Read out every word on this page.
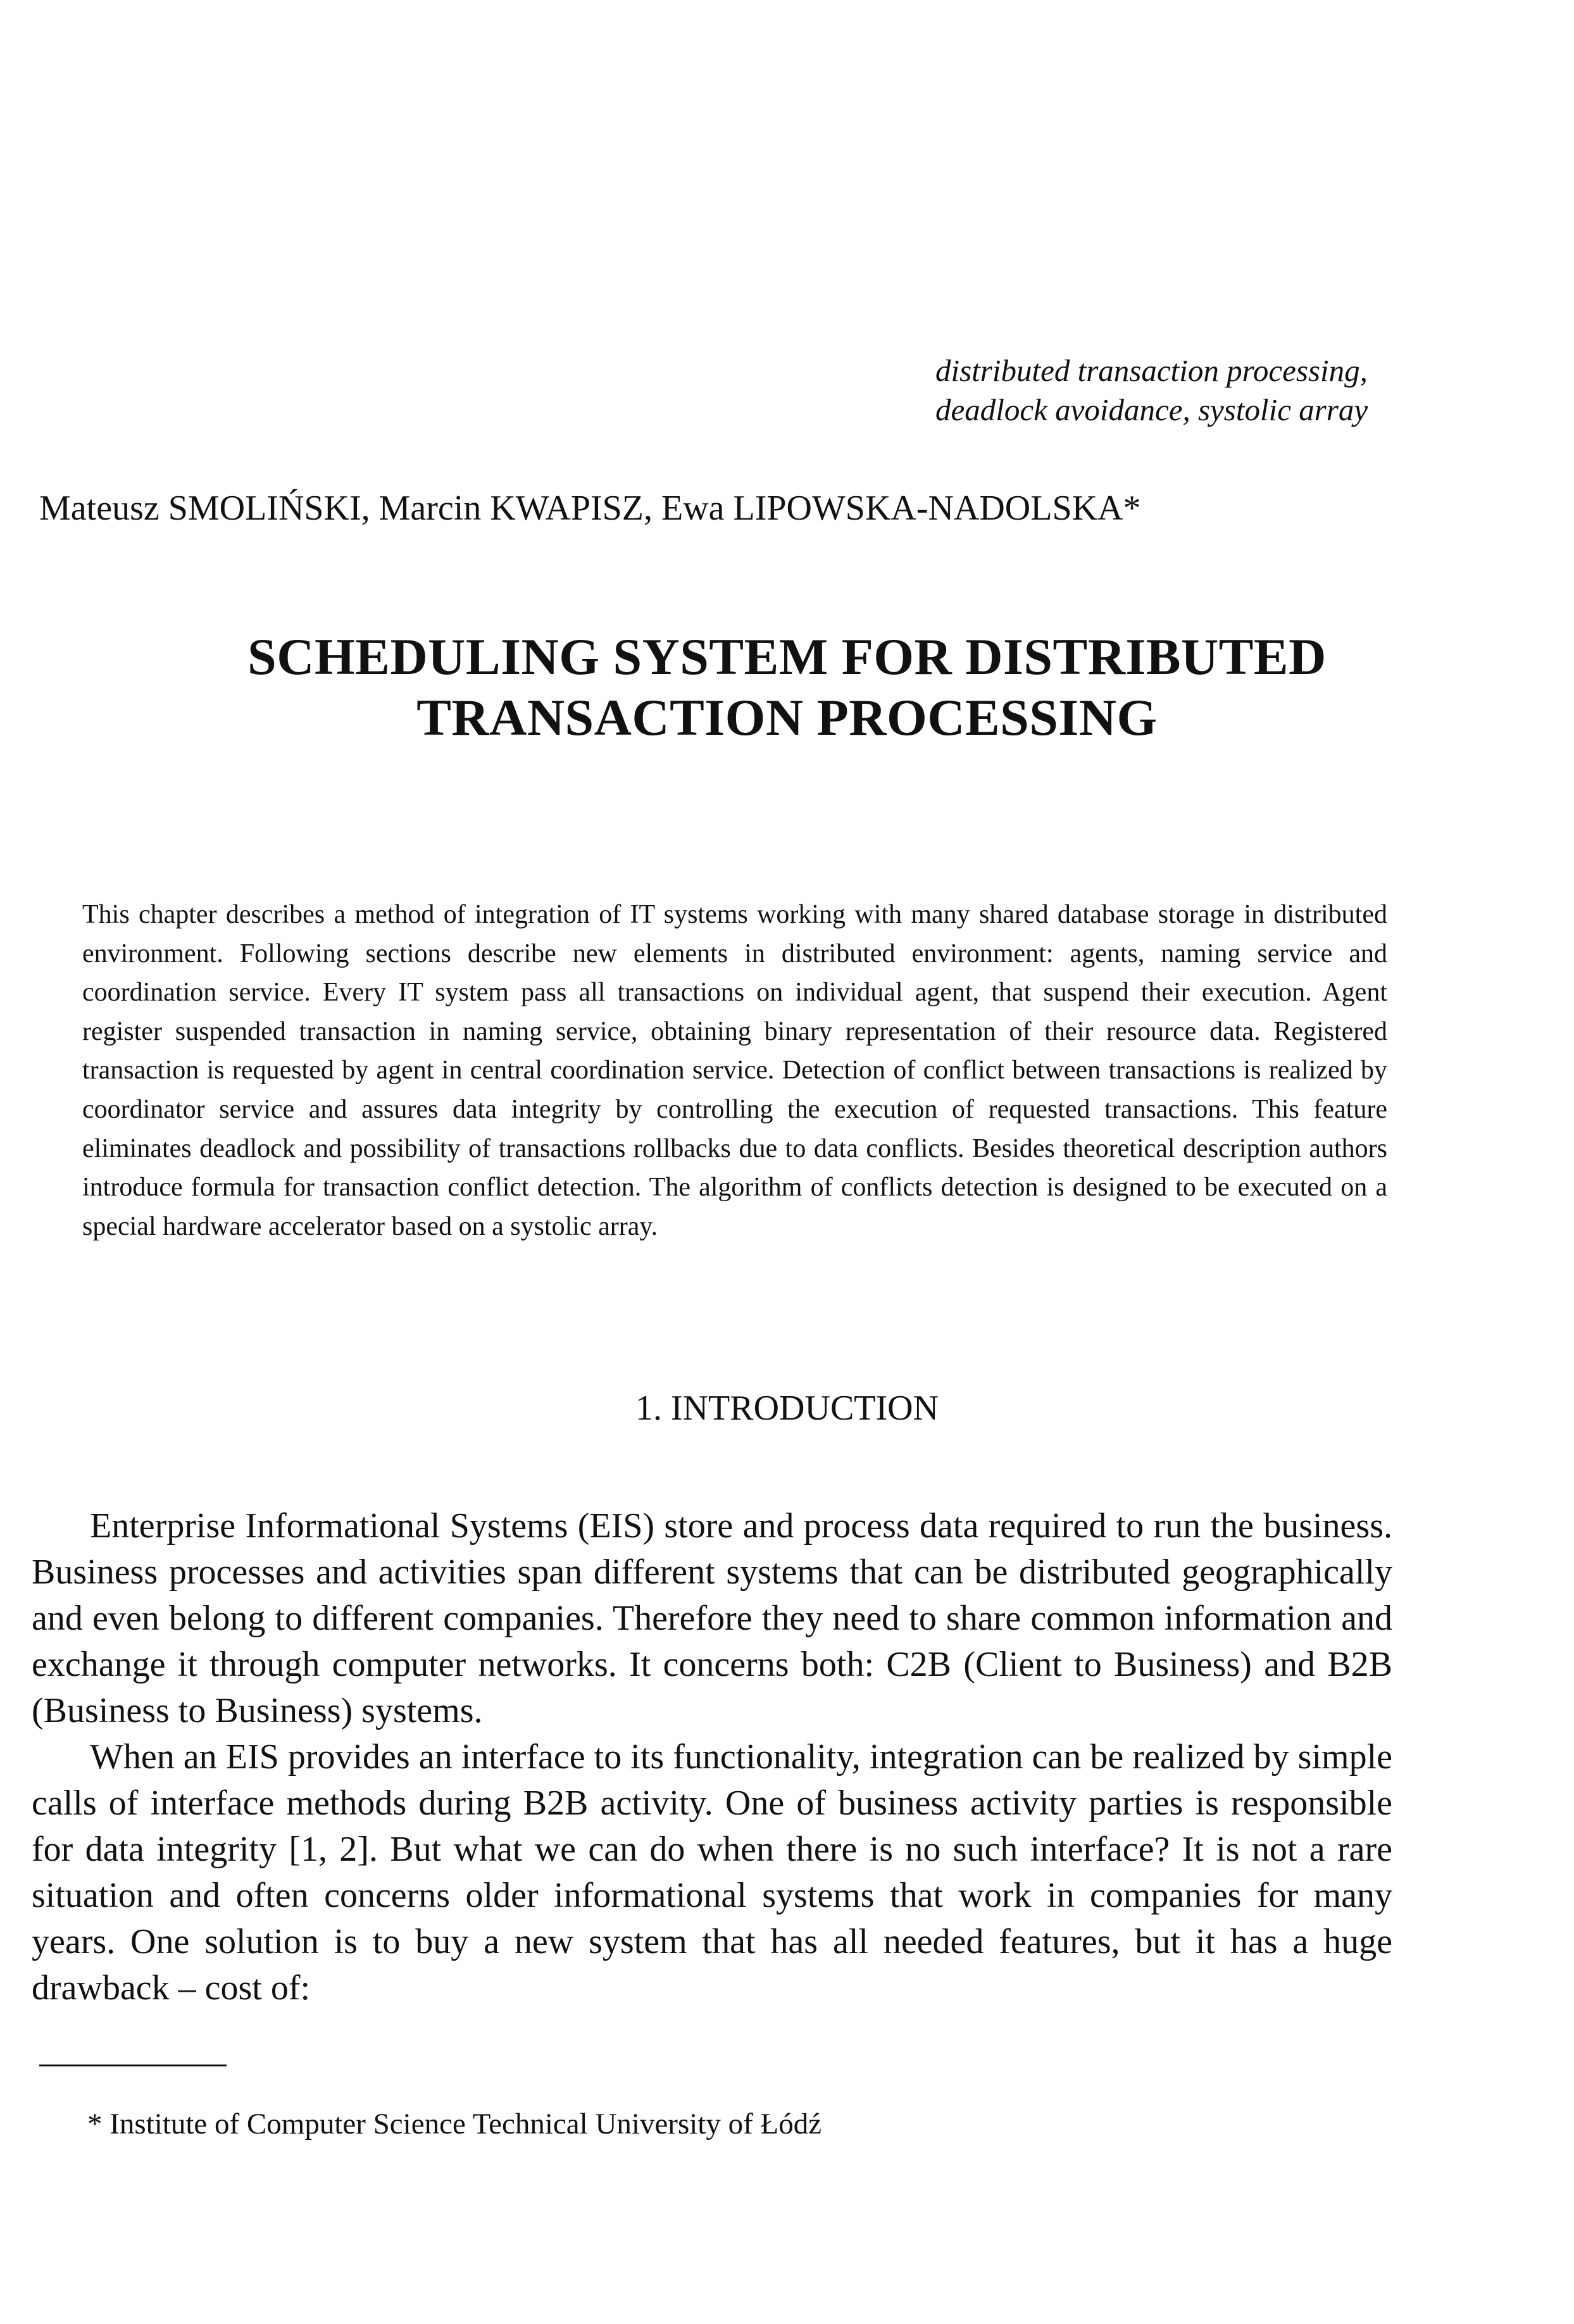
distributed transaction processing,
deadlock avoidance, systolic array
Mateusz SMOLIŃSKI, Marcin KWAPISZ, Ewa LIPOWSKA-NADOLSKA*
SCHEDULING SYSTEM FOR DISTRIBUTED
TRANSACTION PROCESSING

This chapter describes a method of integration of IT systems working with many shared database storage in distributed environment. Following sections describe new elements in distributed environment: agents, naming service and coordination service. Every IT system pass all transactions on individual agent, that suspend their execution. Agent register suspended transaction in naming service, obtaining binary representation of their resource data. Registered transaction is requested by agent in central coordination service. Detection of conflict between transactions is realized by coordinator service and assures data integrity by controlling the execution of requested transactions. This feature eliminates deadlock and possibility of transactions rollbacks due to data conflicts. Besides theoretical description authors introduce formula for transaction conflict detection. The algorithm of conflicts detection is designed to be executed on a special hardware accelerator based on a systolic array.

1. INTRODUCTION

Enterprise Informational Systems (EIS) store and process data required to run the business. Business processes and activities span different systems that can be distributed geographically and even belong to different companies. Therefore they need to share common information and exchange it through computer networks. It concerns both: C2B (Client to Business) and B2B (Business to Business) systems.

When an EIS provides an interface to its functionality, integration can be realized by simple calls of interface methods during B2B activity. One of business activity parties is responsible for data integrity [1, 2]. But what we can do when there is no such interface? It is not a rare situation and often concerns older informational systems that work in companies for many years. One solution is to buy a new system that has all needed features, but it has a huge drawback – cost of:

* Institute of Computer Science Technical University of Łódź
